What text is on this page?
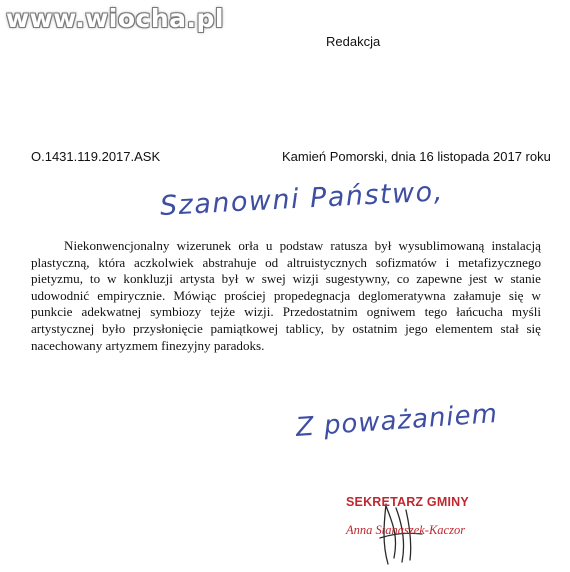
www.wiocha.pl
Redakcja
O.1431.119.2017.ASK	Kamień Pomorski, dnia 16 listopada 2017 roku
Szanowni Państwo,

Niekonwencjonalny wizerunek orła u podstaw ratusza był wysublimowaną instalacją plastyczną, która aczkolwiek abstrahuje od altruistycznych sofizmatów i metafizycznego pietyzmu, to w konkluzji artysta był w swej wizji sugestywny, co zapewne jest w stanie udowodnić empirycznie. Mówiąc prościej propedegnacja deglomeratywna załamuje się w punkcie adekwatnej symbiozy tejże wizji. Przedostatnim ogniwem tego łańcucha myśli artystycznej było przysłonięcie pamiątkowej tablicy, by ostatnim jego elementem stał się nacechowany artyzmem finezyjny paradoks.

Z poważaniem
SEKRETARZ GMINY
Anna Stanaszek-Kaczor
